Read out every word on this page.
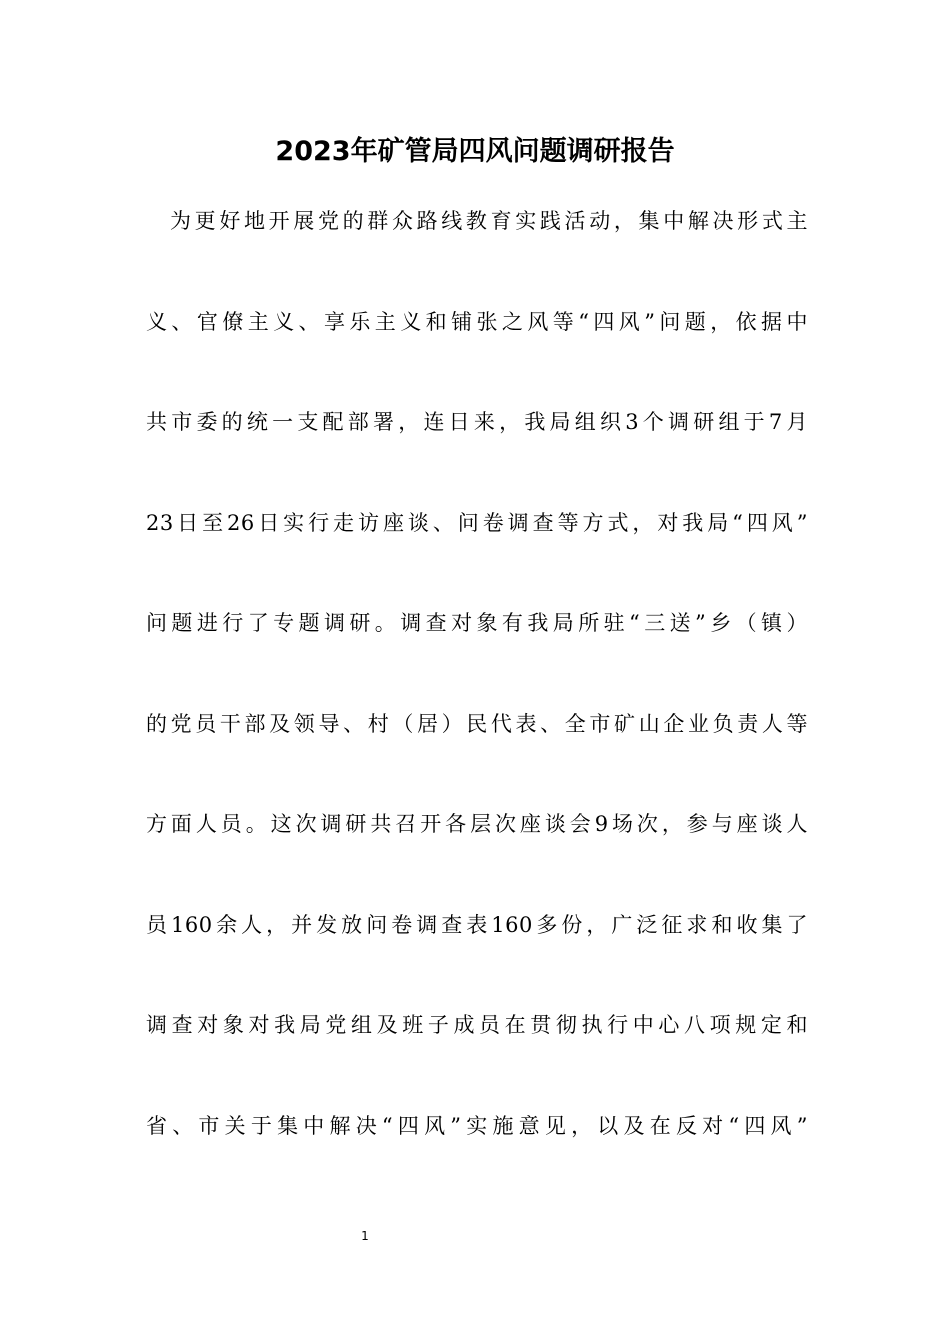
2023年矿管局四风问题调研报告
为更好地开展党的群众路线教育实践活动，集中解决形式主
义、官僚主义、享乐主义和铺张之风等“四风”问题，依据中
共市委的统一支配部署，连日来，我局组织3个调研组于7月
23日至26日实行走访座谈、问卷调查等方式，对我局“四风”
问题进行了专题调研。调查对象有我局所驻“三送”乡（镇）
的党员干部及领导、村（居）民代表、全市矿山企业负责人等
方面人员。这次调研共召开各层次座谈会9场次，参与座谈人
员160余人，并发放问卷调查表160多份，广泛征求和收集了
调查对象对我局党组及班子成员在贯彻执行中心八项规定和
省、市关于集中解决“四风”实施意见，以及在反对“四风”
1
